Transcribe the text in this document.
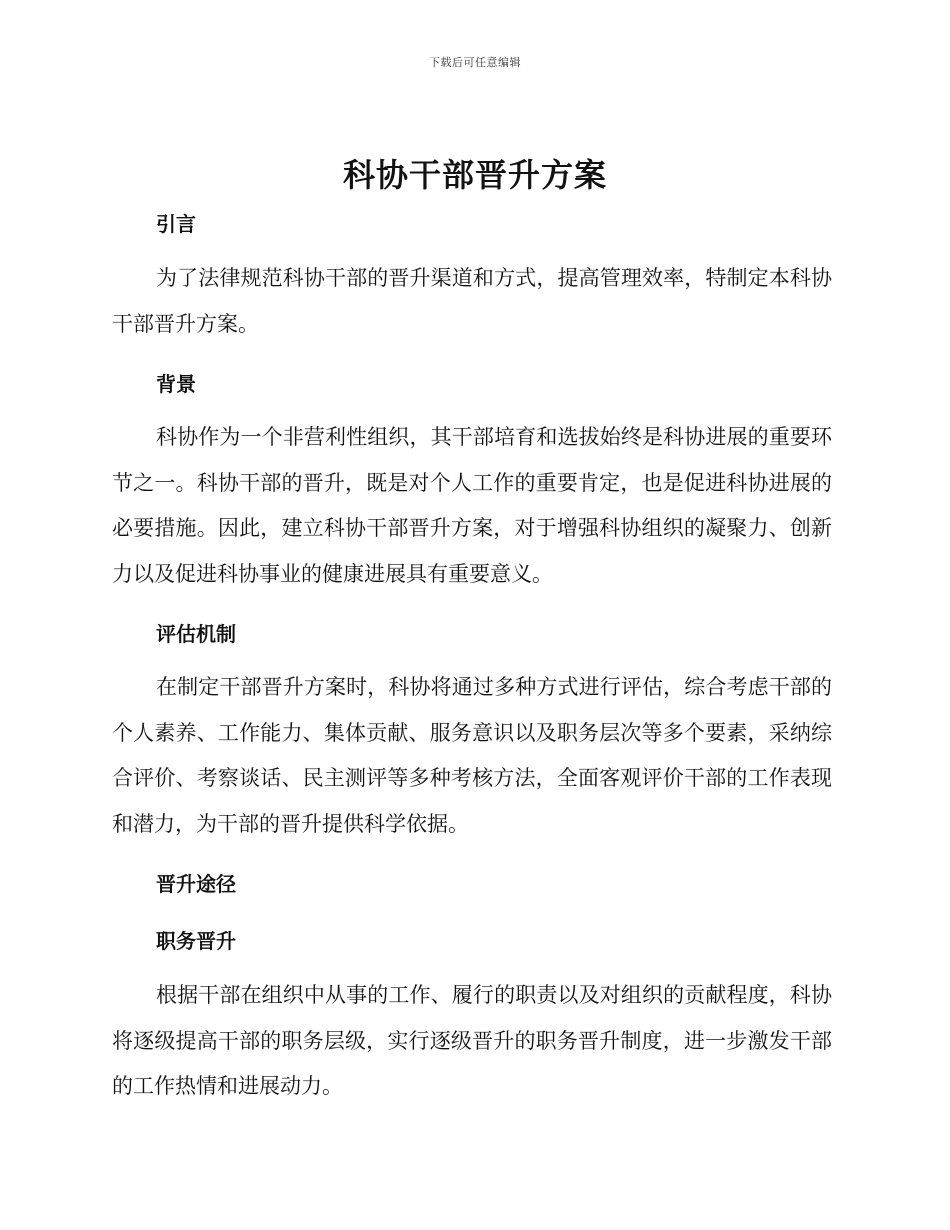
下载后可任意编辑
科协干部晋升方案
引言

为了法律规范科协干部的晋升渠道和方式，提高管理效率，特制定本科协干部晋升方案。

背景

科协作为一个非营利性组织，其干部培育和选拔始终是科协进展的重要环节之一。科协干部的晋升，既是对个人工作的重要肯定，也是促进科协进展的必要措施。因此，建立科协干部晋升方案，对于增强科协组织的凝聚力、创新力以及促进科协事业的健康进展具有重要意义。

评估机制

在制定干部晋升方案时，科协将通过多种方式进行评估，综合考虑干部的个人素养、工作能力、集体贡献、服务意识以及职务层次等多个要素，采纳综合评价、考察谈话、民主测评等多种考核方法，全面客观评价干部的工作表现和潜力，为干部的晋升提供科学依据。

晋升途径
职务晋升

根据干部在组织中从事的工作、履行的职责以及对组织的贡献程度，科协将逐级提高干部的职务层级，实行逐级晋升的职务晋升制度，进一步激发干部的工作热情和进展动力。
